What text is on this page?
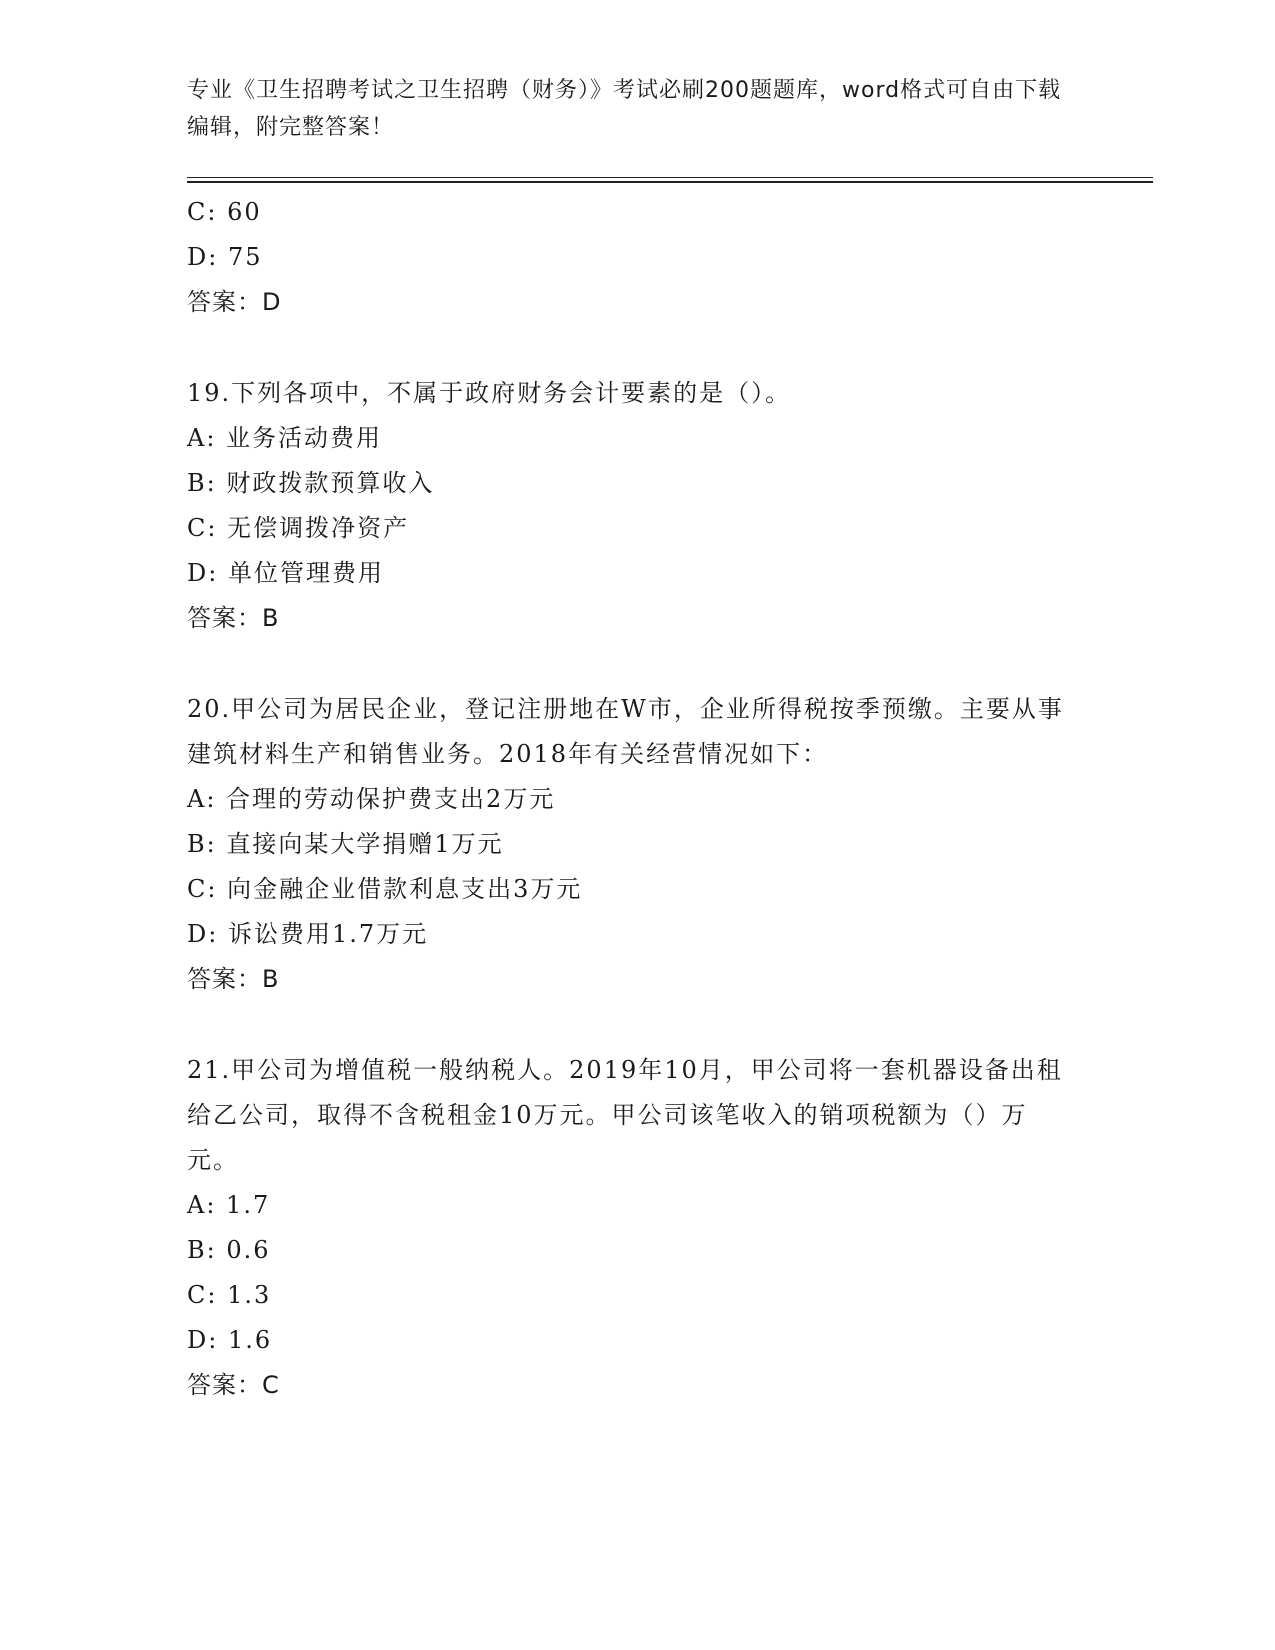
专业《卫生招聘考试之卫生招聘（财务）》考试必刷200题题库，word格式可自由下载编辑，附完整答案！
C: 60
D: 75
答案：D
19.下列各项中，不属于政府财务会计要素的是（）。
A: 业务活动费用
B: 财政拨款预算收入
C: 无偿调拨净资产
D: 单位管理费用
答案：B
20.甲公司为居民企业，登记注册地在W市，企业所得税按季预缴。主要从事建筑材料生产和销售业务。2018年有关经营情况如下：
A: 合理的劳动保护费支出2万元
B: 直接向某大学捐赠1万元
C: 向金融企业借款利息支出3万元
D: 诉讼费用1.7万元
答案：B
21.甲公司为增值税一般纳税人。2019年10月，甲公司将一套机器设备出租给乙公司，取得不含税租金10万元。甲公司该笔收入的销项税额为（）万元。
A: 1.7
B: 0.6
C: 1.3
D: 1.6
答案：C
